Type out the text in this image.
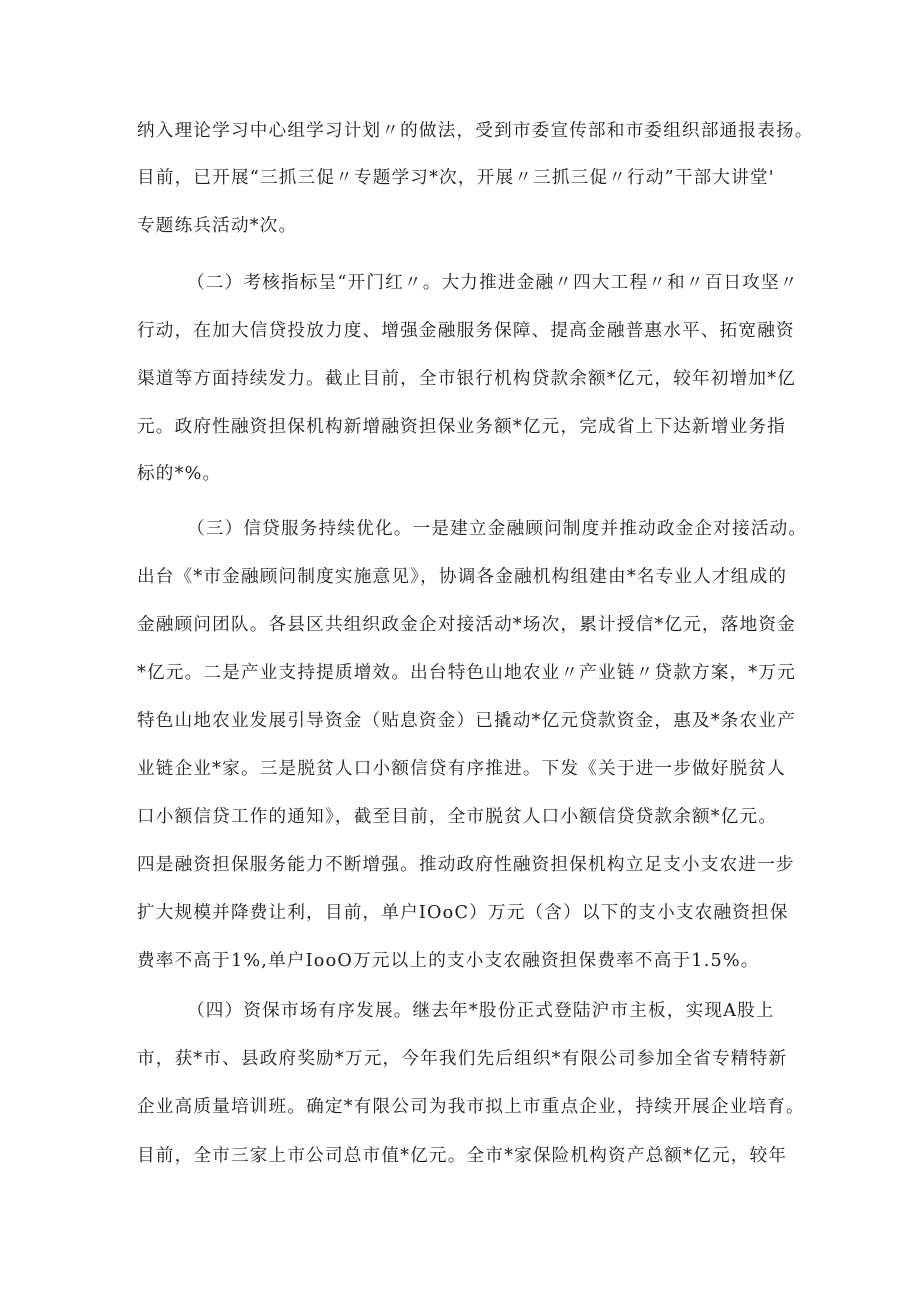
纳入理论学习中心组学习计划〃的做法，受到市委宣传部和市委组织部通报表扬。
目前，已开展“三抓三促〃专题学习*次，开展〃三抓三促〃行动”干部大讲堂'
专题练兵活动*次。
（二）考核指标呈“开门红〃。大力推进金融〃四大工程〃和〃百日攻坚〃
行动，在加大信贷投放力度、增强金融服务保障、提高金融普惠水平、拓宽融资
渠道等方面持续发力。截止目前，全市银行机构贷款余额*亿元，较年初增加*亿
元。政府性融资担保机构新增融资担保业务额*亿元，完成省上下达新增业务指
标的*%。
（三）信贷服务持续优化。一是建立金融顾问制度并推动政金企对接活动。
出台《*市金融顾问制度实施意见》，协调各金融机构组建由*名专业人才组成的
金融顾问团队。各县区共组织政金企对接活动*场次，累计授信*亿元，落地资金
*亿元。二是产业支持提质增效。出台特色山地农业〃产业链〃贷款方案，*万元
特色山地农业发展引导资金（贴息资金）已撬动*亿元贷款资金，惠及*条农业产
业链企业*家。三是脱贫人口小额信贷有序推进。下发《关于进一步做好脱贫人
口小额信贷工作的通知》，截至目前，全市脱贫人口小额信贷贷款余额*亿元。
四是融资担保服务能力不断增强。推动政府性融资担保机构立足支小支农进一步
扩大规模并降费让利，目前，单户IOoC）万元（含）以下的支小支农融资担保
费率不高于1%,单户IooO万元以上的支小支农融资担保费率不高于1.5%。
（四）资保市场有序发展。继去年*股份正式登陆沪市主板，实现A股上
市，获*市、县政府奖励*万元，今年我们先后组织*有限公司参加全省专精特新
企业高质量培训班。确定*有限公司为我市拟上市重点企业，持续开展企业培育。
目前，全市三家上市公司总市值*亿元。全市*家保险机构资产总额*亿元，较年
